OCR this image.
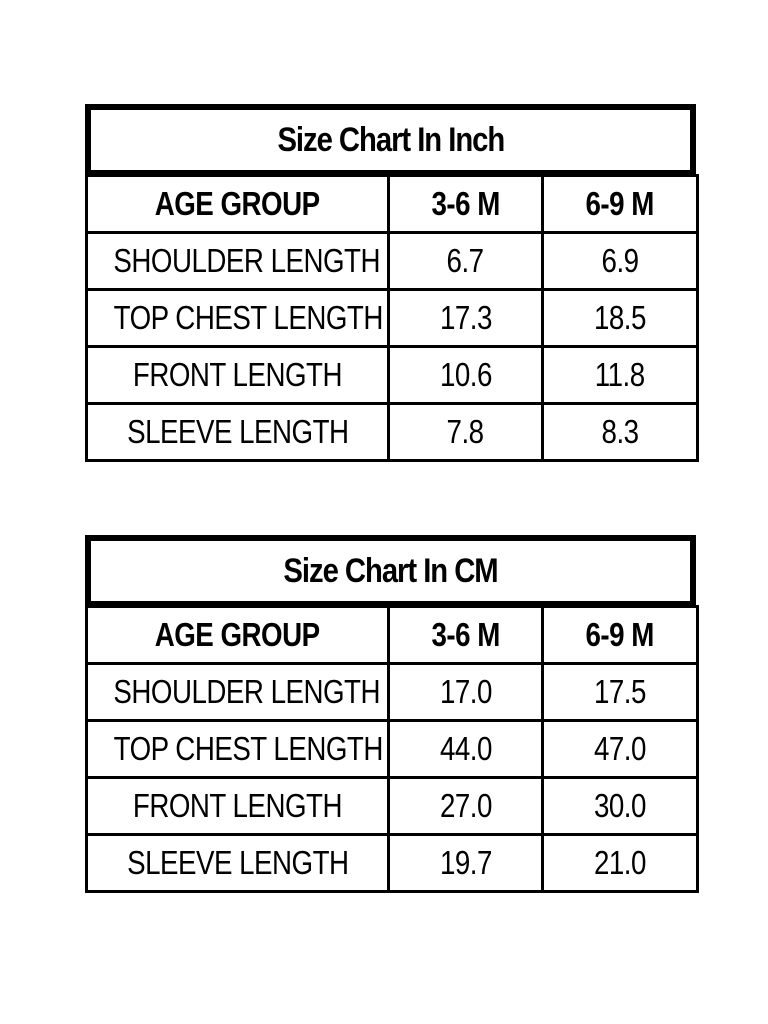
Size Chart In Inch
AGE GROUP	3-6 M	6-9 M
SHOULDER LENGTH	6.7	6.9
TOP CHEST LENGTH	17.3	18.5
FRONT LENGTH	10.6	11.8
SLEEVE LENGTH	7.8	8.3
Size Chart In CM
AGE GROUP	3-6 M	6-9 M
SHOULDER LENGTH	17.0	17.5
TOP CHEST LENGTH	44.0	47.0
FRONT LENGTH	27.0	30.0
SLEEVE LENGTH	19.7	21.0
